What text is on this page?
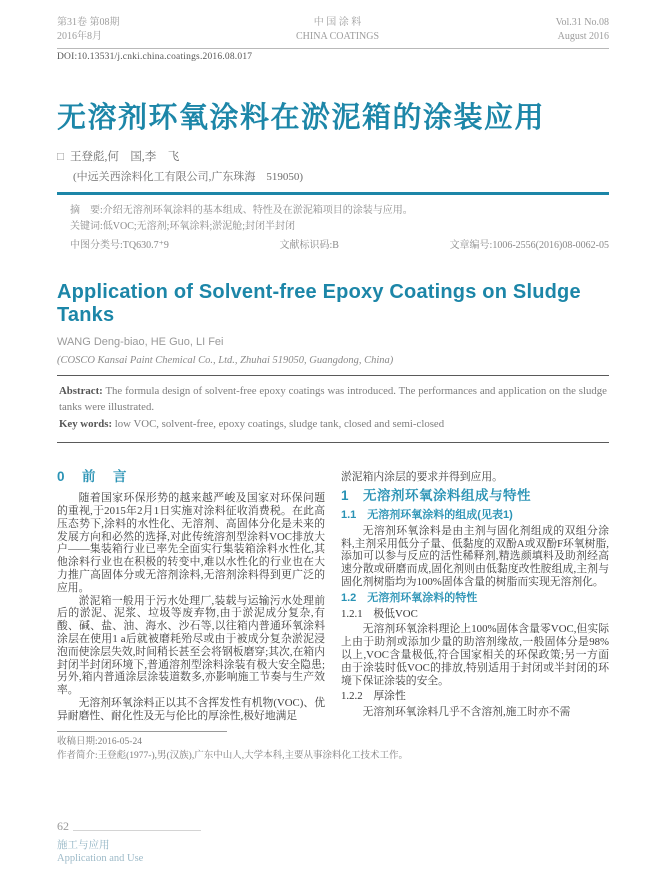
第31卷 第08期
2016年8月
中 国 涂 料
CHINA COATINGS
Vol.31 No.08
August 2016
DOI:10.13531/j.cnki.china.coatings.2016.08.017
无溶剂环氧涂料在淤泥箱的涂装应用
□ 王登彪,何　国,李　飞
(中远关西涂料化工有限公司,广东珠海　519050)
摘　要:介绍无溶剂环氧涂料的基本组成、特性及在淤泥箱项目的涂装与应用。
关键词:低VOC;无溶剂;环氧涂料;淤泥舱;封闭半封闭
中图分类号:TQ630.7⁺9	文献标识码:B	文章编号:1006-2556(2016)08-0062-05
Application of Solvent-free Epoxy Coatings on Sludge Tanks
WANG Deng-biao, HE Guo, LI Fei
(COSCO Kansai Paint Chemical Co., Ltd., Zhuhai 519050, Guangdong, China)
Abstract: The formula design of solvent-free epoxy coatings was introduced. The performances and application on the sludge tanks were illustrated.
Key words: low VOC, solvent-free, epoxy coatings, sludge tank, closed and semi-closed
0　前　言

随着国家环保形势的越来越严峻及国家对环保问题的重视,于2015年2月1日实施对涂料征收消费税。在此高压态势下,涂料的水性化、无溶剂、高固体分化是未来的发展方向和必然的选择,对此传统溶剂型涂料VOC排放大户——集装箱行业已率先全面实行集装箱涂料水性化,其他涂料行业也在积极的转变中,难以水性化的行业也在大力推广高固体分或无溶剂涂料,无溶剂涂料得到更广泛的应用。

淤泥箱一般用于污水处理厂,装载与运输污水处理前后的淤泥、泥浆、垃圾等废弃物,由于淤泥成分复杂,有酸、碱、盐、油、海水、沙石等,以往箱内普通环氧涂料涂层在使用1 a后就被磨耗殆尽或由于被成分复杂淤泥浸泡而使涂层失效,时间稍长甚至会将钢板磨穿;其次,在箱内封闭半封闭环境下,普通溶剂型涂料涂装有极大安全隐患;另外,箱内普通涂层涂装道数多,亦影响施工节奏与生产效率。

无溶剂环氧涂料正以其不含挥发性有机物(VOC)、优异耐磨性、耐化性及无与伦比的厚涂性,极好地满足

淤泥箱内涂层的要求并得到应用。

1　无溶剂环氧涂料组成与特性
1.1　无溶剂环氧涂料的组成(见表1)

无溶剂环氧涂料是由主剂与固化剂组成的双组分涂料,主剂采用低分子量、低黏度的双酚A或双酚F环氧树脂,添加可以参与反应的活性稀释剂,精选颜填料及助剂经高速分散或研磨而成,固化剂则由低黏度改性胺组成,主剂与固化剂树脂均为100%固体含量的树脂而实现无溶剂化。

1.2　无溶剂环氧涂料的特性
1.2.1　极低VOC

无溶剂环氧涂料理论上100%固体含量零VOC,但实际上由于助剂或添加少量的助溶剂缘故,一般固体分是98%以上,VOC含量极低,符合国家相关的环保政策;另一方面由于涂装时低VOC的排放,特别适用于封闭或半封闭的环境下保证涂装的安全。

1.2.2　厚涂性

无溶剂环氧涂料几乎不含溶剂,施工时亦不需

收稿日期:2016-05-24
作者简介:王登彪(1977-),男(汉族),广东中山人,大学本科,主要从事涂料化工技术工作。
62
施工与应用
Application and Use
